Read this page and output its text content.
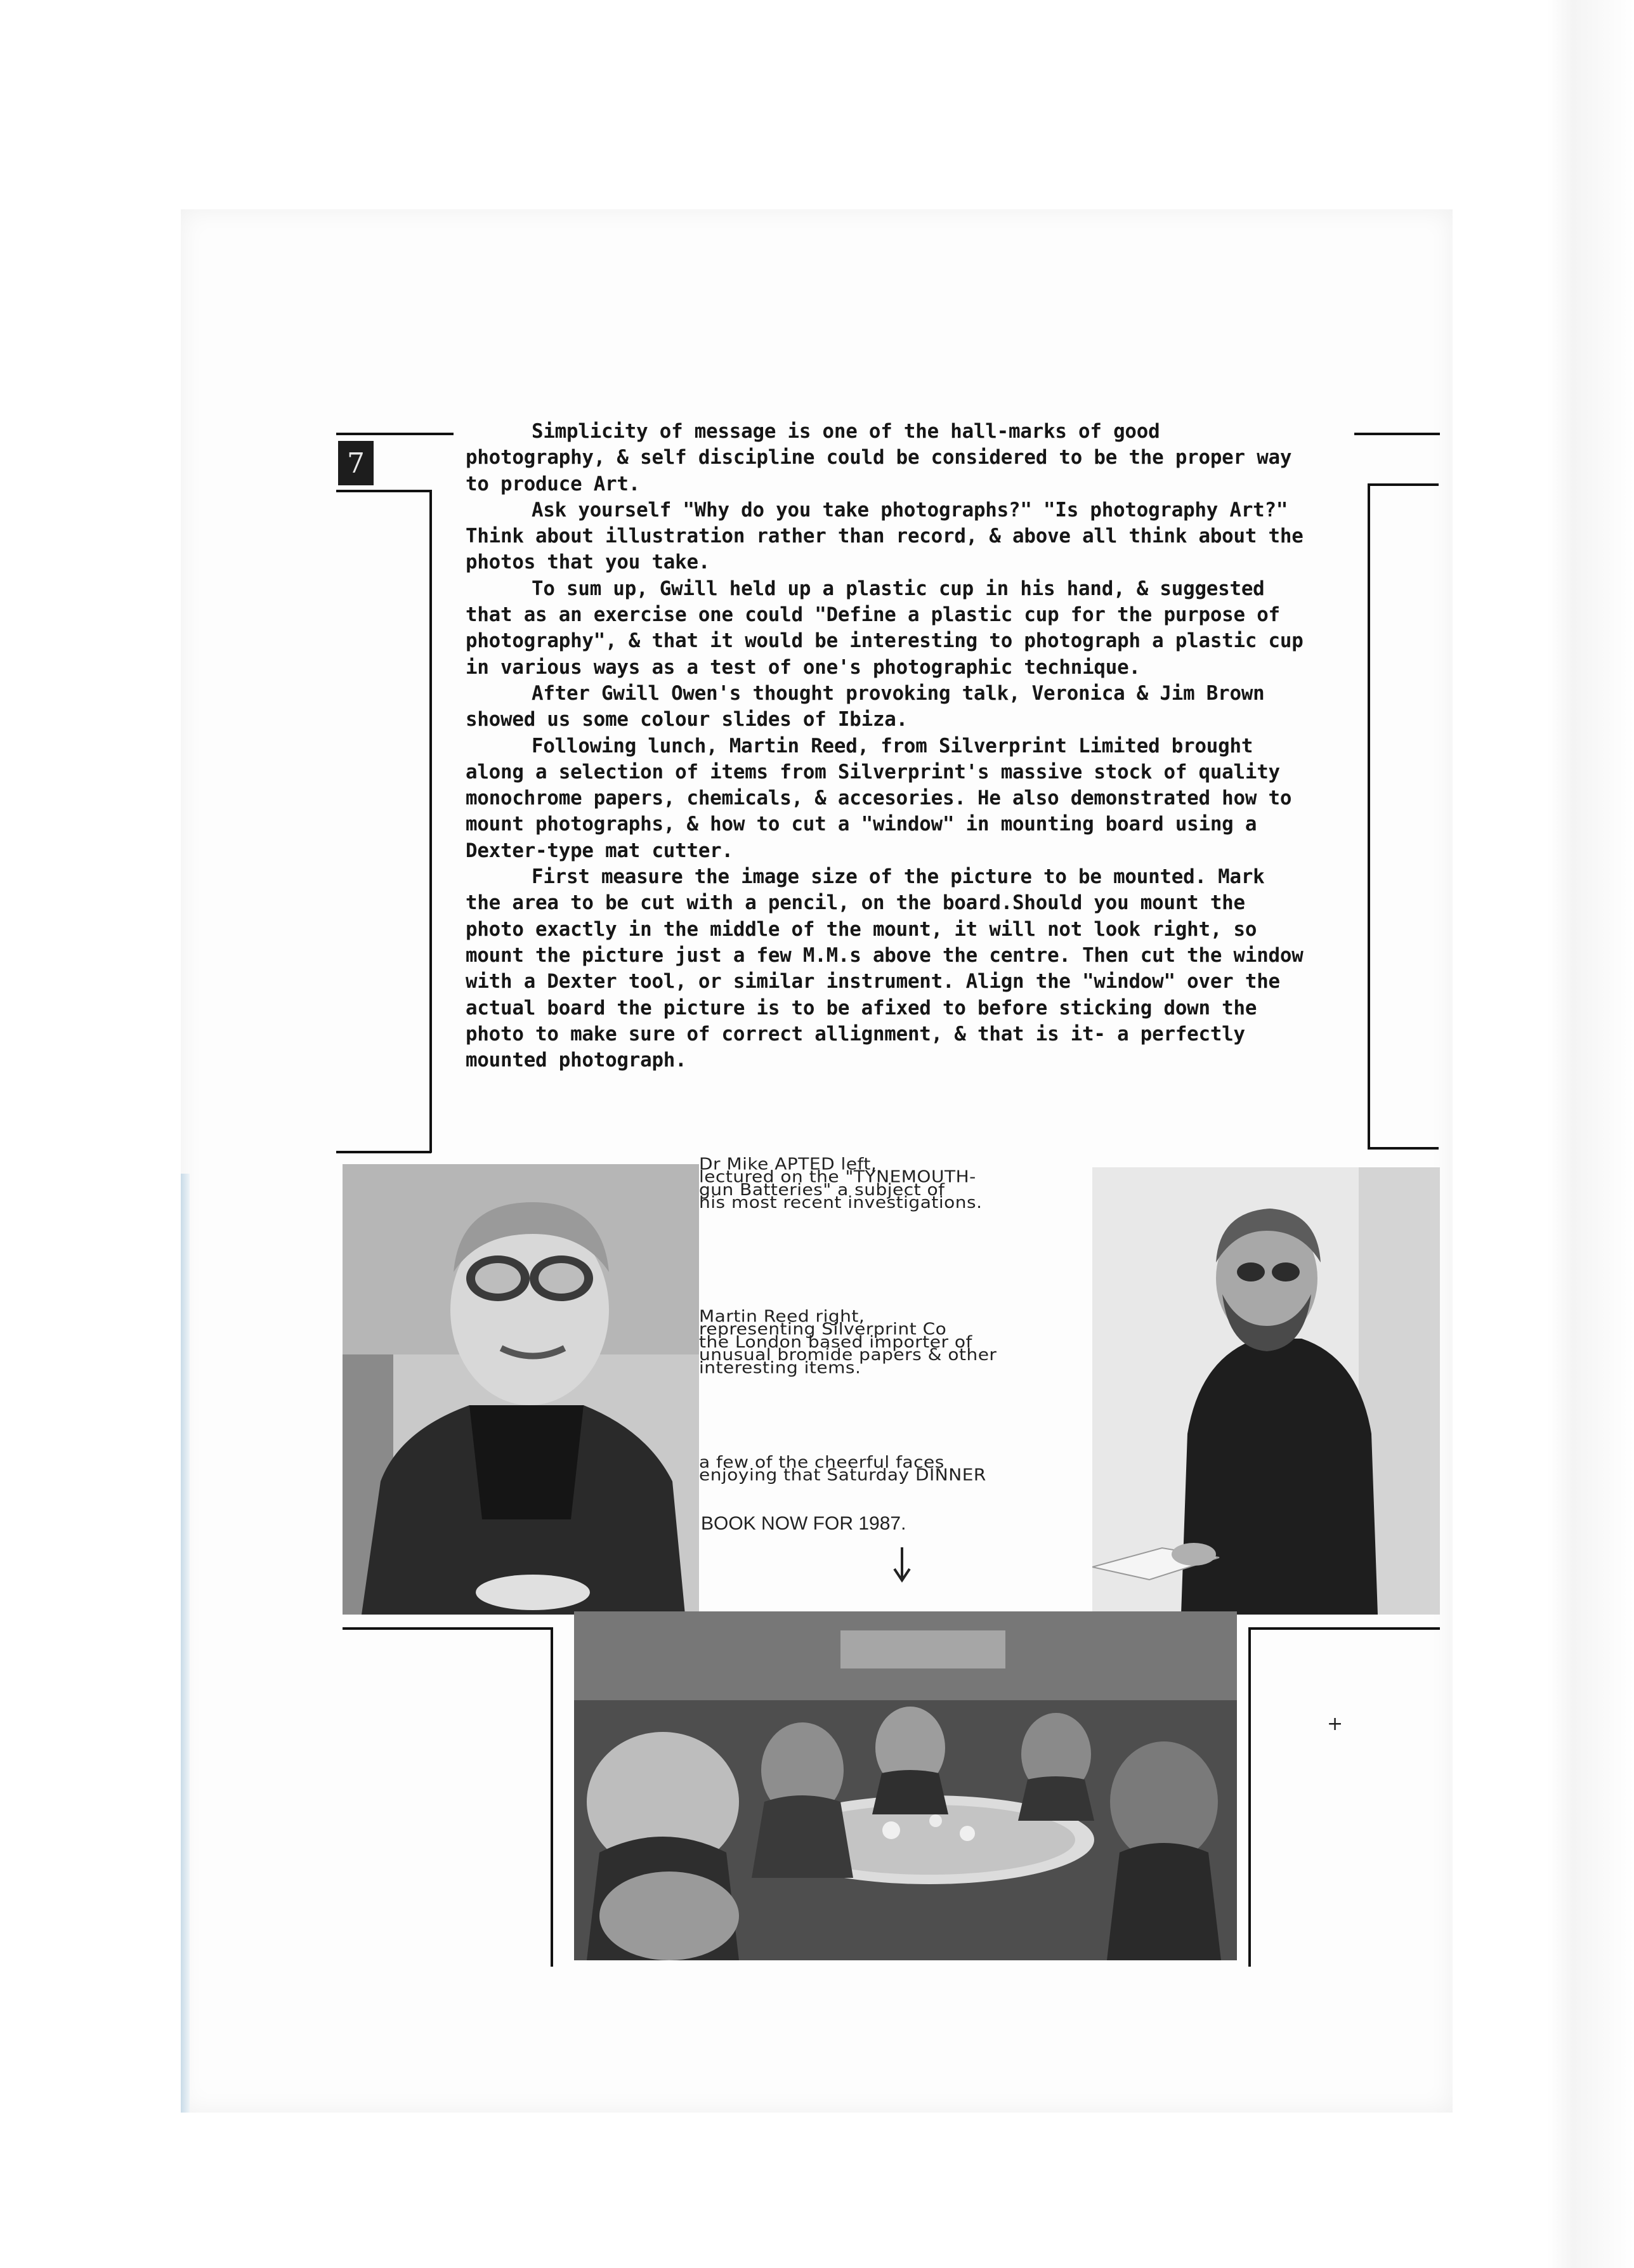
7

Simplicity of message is one of the hall-marks of good photography, & self discipline could be considered to be the proper way to produce Art.

Ask yourself "Why do you take photographs?" "Is photography Art?" Think about illustration rather than record, & above all think about the photos that you take.

To sum up, Gwill held up a plastic cup in his hand, & suggested that as an exercise one could "Define a plastic cup for the purpose of photography", & that it would be interesting to photograph a plastic cup in various ways as a test of one's photographic technique.

After Gwill Owen's thought provoking talk, Veronica & Jim Brown showed us some colour slides of Ibiza.

Following lunch, Martin Reed, from Silverprint Limited brought along a selection of items from Silverprint's massive stock of quality monochrome papers, chemicals, & accesories. He also demonstrated how to mount photographs, & how to cut a "window" in mounting board using a Dexter-type mat cutter.

First measure the image size of the picture to be mounted. Mark the area to be cut with a pencil, on the board.Should you mount the photo exactly in the middle of the mount, it will not look right, so mount the picture just a few M.M.s above the centre. Then cut the window with a Dexter tool, or similar instrument. Align the "window" over the actual board the picture is to be afixed to before sticking down the photo to make sure of correct allignment, & that is it- a perfectly mounted photograph.

Dr Mike APTED left,
lectured on the "TYNEMOUTH-
gun Batteries" a subject of
his most recent investigations.
Martin Reed right,
representing Silverprint Co
the London based importer of
unusual bromide papers & other
interesting items.
a few of the cheerful faces
enjoying that Saturday DINNER
BOOK NOW FOR 1987.
+
